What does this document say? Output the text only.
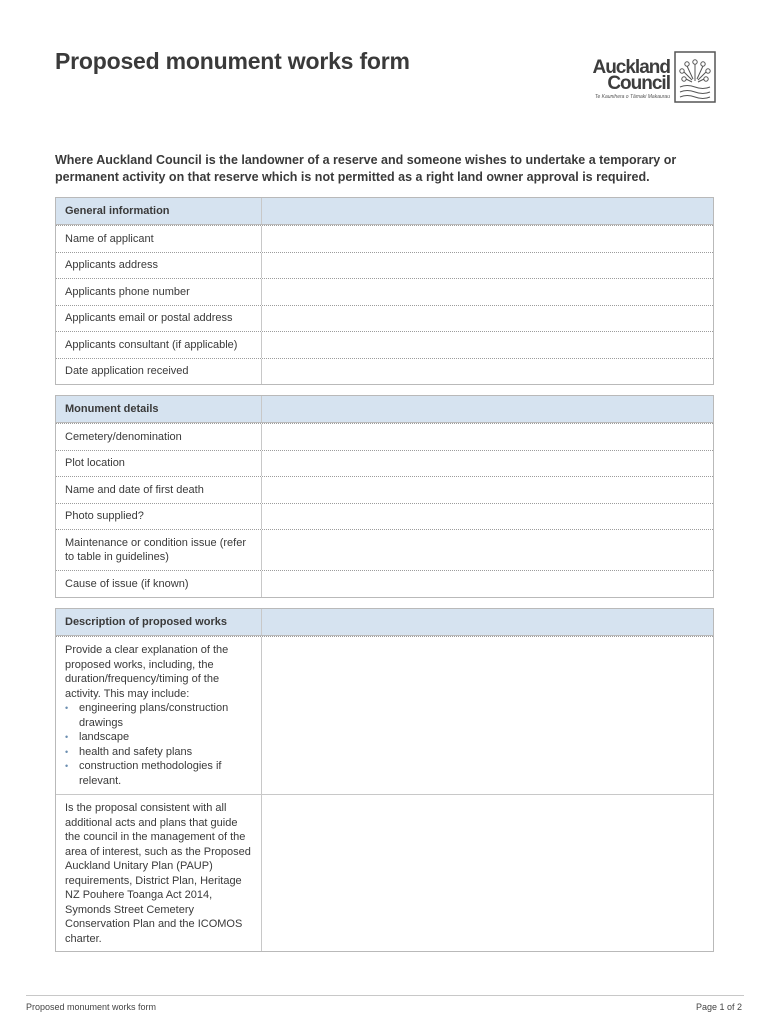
Proposed monument works form	Auckland
Council
Te Kaunihera o Tāmaki Makaurau
Where Auckland Council is the landowner of a reserve and someone wishes to undertake a temporary or permanent activity on that reserve which is not permitted as a right land owner approval is required.
General information
Name of applicant
Applicants address
Applicants phone number
Applicants email or postal address
Applicants consultant (if applicable)
Date application received
Monument details
Cemetery/denomination
Plot location
Name and date of first death
Photo supplied?
Maintenance or condition issue (refer to table in guidelines)
Cause of issue (if known)
Description of proposed works
Provide a clear explanation of the proposed works, including, the duration/frequency/timing of the activity. This may include:
• engineering plans/construction drawings
• landscape
• health and safety plans
• construction methodologies if relevant.
Is the proposal consistent with all additional acts and plans that guide the council in the management of the area of interest, such as the Proposed Auckland Unitary Plan (PAUP) requirements, District Plan, Heritage NZ Pouhere Toanga Act 2014, Symonds Street Cemetery Conservation Plan and the ICOMOS charter.
Proposed monument works form	Page 1 of 2
